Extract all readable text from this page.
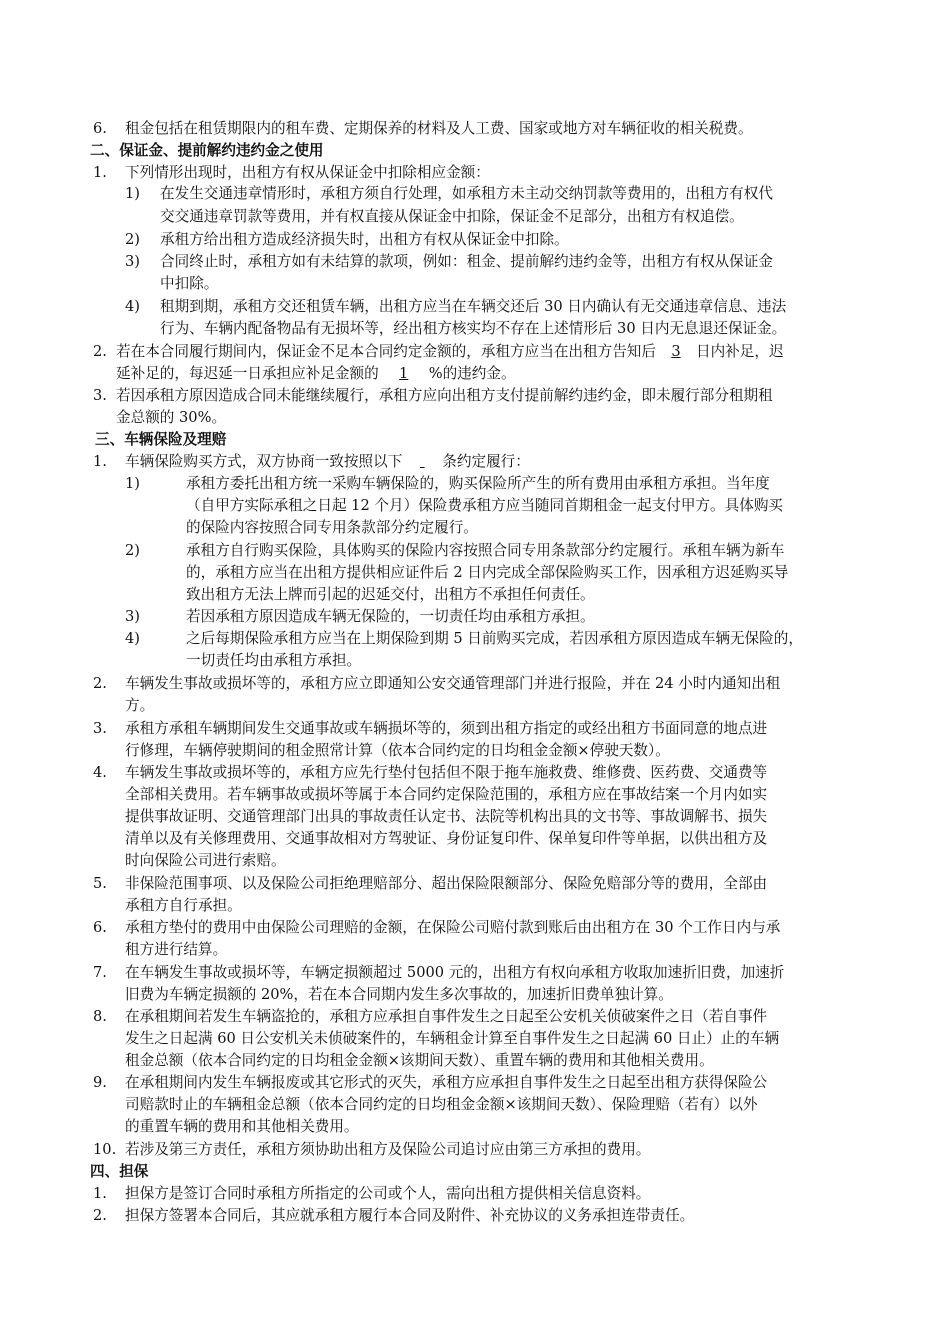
6. 租金包括在租赁期限内的租车费、定期保养的材料及人工费、国家或地方对车辆征收的相关税费。
二、保证金、提前解约违约金之使用
1. 下列情形出现时，出租方有权从保证金中扣除相应金额：
1) 在发生交通违章情形时，承租方须自行处理，如承租方未主动交纳罚款等费用的，出租方有权代
交交通违章罚款等费用，并有权直接从保证金中扣除，保证金不足部分，出租方有权追偿。
2) 承租方给出租方造成经济损失时，出租方有权从保证金中扣除。
3) 合同终止时，承租方如有未结算的款项，例如：租金、提前解约违约金等，出租方有权从保证金
中扣除。
4) 租期到期，承租方交还租赁车辆，出租方应当在车辆交还后 30 日内确认有无交通违章信息、违法
行为、车辆内配备物品有无损坏等，经出租方核实均不存在上述情形后 30 日内无息退还保证金。
2. 若在本合同履行期间内，保证金不足本合同约定金额的，承租方应当在出租方告知后 3 日内补足，迟
延补足的，每迟延一日承担应补足金额的 1 %的违约金。
3. 若因承租方原因造成合同未能继续履行，承租方应向出租方支付提前解约违约金，即未履行部分租期租
金总额的 30%。
三、车辆保险及理赔
1. 车辆保险购买方式，双方协商一致按照以下	条约定履行：
1)	承租方委托出租方统一采购车辆保险的，购买保险所产生的所有费用由承租方承担。当年度
（自甲方实际承租之日起 12 个月）保险费承租方应当随同首期租金一起支付甲方。具体购买
的保险内容按照合同专用条款部分约定履行。
2)	承租方自行购买保险，具体购买的保险内容按照合同专用条款部分约定履行。承租车辆为新车
的，承租方应当在出租方提供相应证件后 2 日内完成全部保险购买工作，因承租方迟延购买导
致出租方无法上牌而引起的迟延交付，出租方不承担任何责任。
3)	若因承租方原因造成车辆无保险的，一切责任均由承租方承担。
4)	之后每期保险承租方应当在上期保险到期 5 日前购买完成，若因承租方原因造成车辆无保险的，
一切责任均由承租方承担。
2. 车辆发生事故或损坏等的，承租方应立即通知公安交通管理部门并进行报险，并在 24 小时内通知出租
方。
3. 承租方承租车辆期间发生交通事故或车辆损坏等的，须到出租方指定的或经出租方书面同意的地点进
行修理，车辆停驶期间的租金照常计算（依本合同约定的日均租金金额×停驶天数）。
4. 车辆发生事故或损坏等的，承租方应先行垫付包括但不限于拖车施救费、维修费、医药费、交通费等
全部相关费用。若车辆事故或损坏等属于本合同约定保险范围的，承租方应在事故结案一个月内如实
提供事故证明、交通管理部门出具的事故责任认定书、法院等机构出具的文书等、事故调解书、损失
清单以及有关修理费用、交通事故相对方驾驶证、身份证复印件、保单复印件等单据，以供出租方及
时向保险公司进行索赔。
5. 非保险范围事项、以及保险公司拒绝理赔部分、超出保险限额部分、保险免赔部分等的费用，全部由
承租方自行承担。
6. 承租方垫付的费用中由保险公司理赔的金额，在保险公司赔付款到账后由出租方在 30 个工作日内与承
租方进行结算。
7. 在车辆发生事故或损坏等，车辆定损额超过 5000 元的，出租方有权向承租方收取加速折旧费，加速折
旧费为车辆定损额的 20%，若在本合同期内发生多次事故的，加速折旧费单独计算。
8. 在承租期间若发生车辆盗抢的，承租方应承担自事件发生之日起至公安机关侦破案件之日（若自事件
发生之日起满 60 日公安机关未侦破案件的，车辆租金计算至自事件发生之日起满 60 日止）止的车辆
租金总额（依本合同约定的日均租金金额×该期间天数）、重置车辆的费用和其他相关费用。
9. 在承租期间内发生车辆报废或其它形式的灭失，承租方应承担自事件发生之日起至出租方获得保险公
司赔款时止的车辆租金总额（依本合同约定的日均租金金额×该期间天数）、保险理赔（若有）以外
的重置车辆的费用和其他相关费用。
10. 若涉及第三方责任，承租方须协助出租方及保险公司追讨应由第三方承担的费用。
四、担保
1. 担保方是签订合同时承租方所指定的公司或个人，需向出租方提供相关信息资料。
2. 担保方签署本合同后，其应就承租方履行本合同及附件、补充协议的义务承担连带责任。
